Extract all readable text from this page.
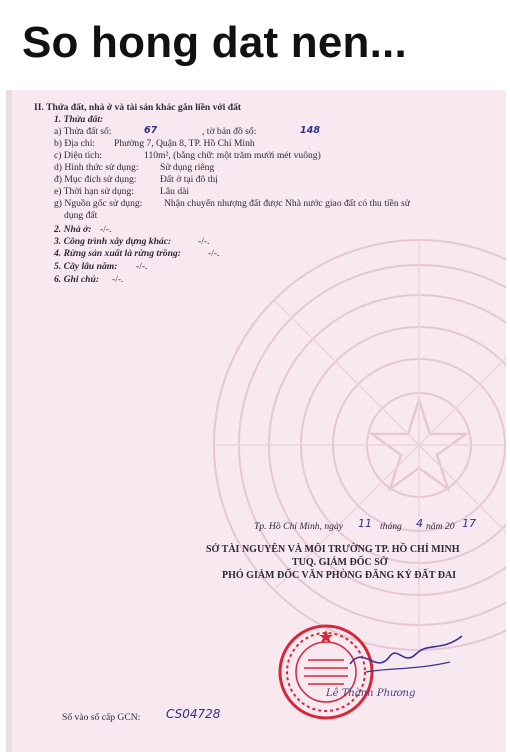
So hong dat nen...
II. Thửa đất, nhà ở và tài sản khác gắn liền với đất
1. Thửa đất:
a) Thửa đất số:	67	, tờ bản đồ số:	148
b) Địa chỉ: Phường 7, Quận 8, TP. Hồ Chí Minh
c) Diện tích:	110m², (bằng chữ: một trăm mười mét vuông)
d) Hình thức sử dụng: Sử dụng riêng
đ) Mục đích sử dụng: Đất ở tại đô thị
e) Thời hạn sử dụng:	Lâu dài
g) Nguồn gốc sử dụng: Nhận chuyển nhượng đất được Nhà nước giao đất có thu tiền sử
dụng đất
2. Nhà ở: -/-.
3. Công trình xây dựng khác:	-/-.
4. Rừng sản xuất là rừng trồng:	-/-.
5. Cây lâu năm: -/-.
6. Ghi chú: -/-.
Tp. Hồ Chí Minh, ngày 11 tháng 4 năm 20 17
SỞ TÀI NGUYÊN VÀ MÔI TRƯỜNG TP. HỒ CHÍ MINH
TUQ. GIÁM ĐỐC SỞ
PHÓ GIÁM ĐỐC VĂN PHÒNG ĐĂNG KÝ ĐẤT ĐAI
Số vào sổ cấp GCN: CS04728
Lê Thành Phương
